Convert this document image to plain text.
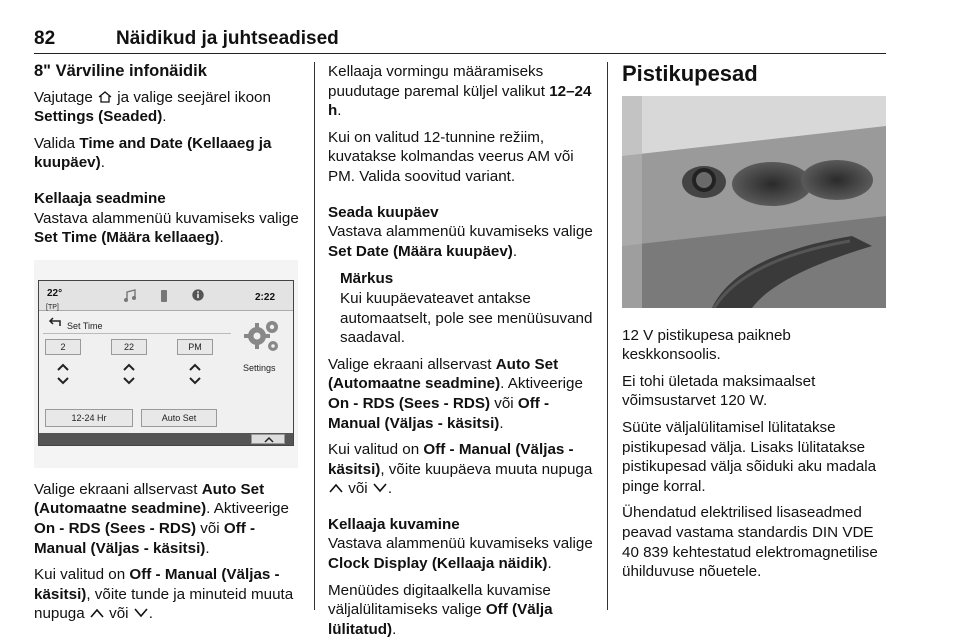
82	Näidikud ja juhtseadised
8" Värviline infonäidik

Vajutage  ja valige seejärel ikoon Settings (Seaded).

Valida Time and Date (Kellaaeg ja kuupäev).

Kellaaja seadmine

Vastava alammenüü kuvamiseks valige Set Time (Määra kellaaeg).

22°
[TP]
2:22
Set Time
2	22	PM
12-24 Hr	Auto Set
Settings

Valige ekraani allservast Auto Set (Automaatne seadmine). Aktiveerige On - RDS (Sees - RDS) või Off - Manual (Väljas - käsitsi).

Kui valitud on Off - Manual (Väljas - käsitsi), võite tunde ja minuteid muuta nupuga  või .

Kellaaja vormingu määramiseks puudutage paremal küljel valikut 12–24 h.

Kui on valitud 12-tunnine režiim, kuvatakse kolmandas veerus AM või PM. Valida soovitud variant.

Seada kuupäev

Vastava alammenüü kuvamiseks valige Set Date (Määra kuupäev).

Märkus
Kui kuupäevateavet antakse automaatselt, pole see menüüsuvand saadaval.

Valige ekraani allservast Auto Set (Automaatne seadmine). Aktiveerige On - RDS (Sees - RDS) või Off - Manual (Väljas - käsitsi).

Kui valitud on Off - Manual (Väljas - käsitsi), võite kuupäeva muuta nupuga  või .

Kellaaja kuvamine

Vastava alammenüü kuvamiseks valige Clock Display (Kellaaja näidik).

Menüüdes digitaalkella kuvamise väljalülitamiseks valige Off (Välja lülitatud).

Pistikupesad

12 V pistikupesa paikneb keskkonsoolis.

Ei tohi ületada maksimaalset võimsustarvet 120 W.

Süüte väljalülitamisel lülitatakse pistikupesad välja. Lisaks lülitatakse pistikupesad välja sõiduki aku madala pinge korral.

Ühendatud elektrilised lisaseadmed peavad vastama standardis DIN VDE 40 839 kehtestatud elektromagnetilise ühilduvuse nõuetele.
